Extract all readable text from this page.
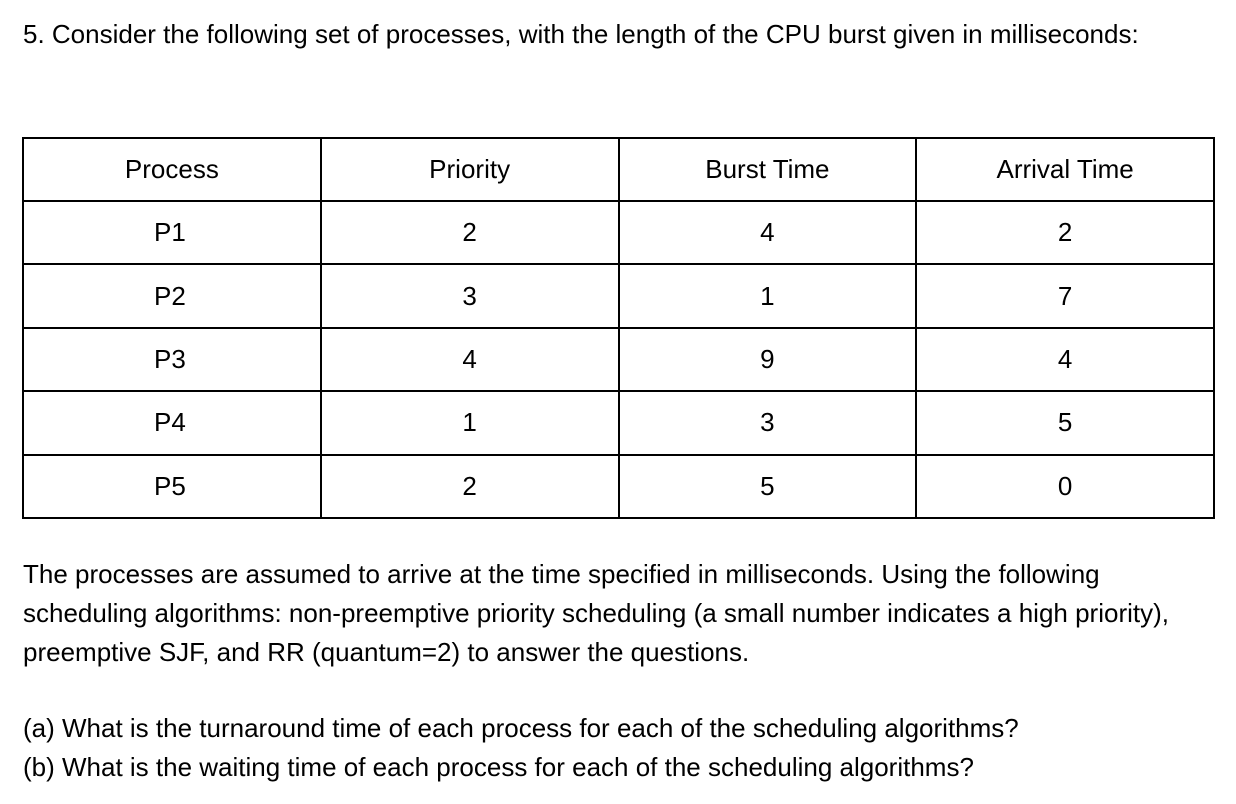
5. Consider the following set of processes, with the length of the CPU burst given in milliseconds:

Process	Priority	Burst Time	Arrival Time
P1	2	4	2
P2	3	1	7
P3	4	9	4
P4	1	3	5
P5	2	5	0

The processes are assumed to arrive at the time specified in milliseconds. Using the following scheduling algorithms: non-preemptive priority scheduling (a small number indicates a high priority), preemptive SJF, and RR (quantum=2) to answer the questions.

(a) What is the turnaround time of each process for each of the scheduling algorithms?
(b) What is the waiting time of each process for each of the scheduling algorithms?
